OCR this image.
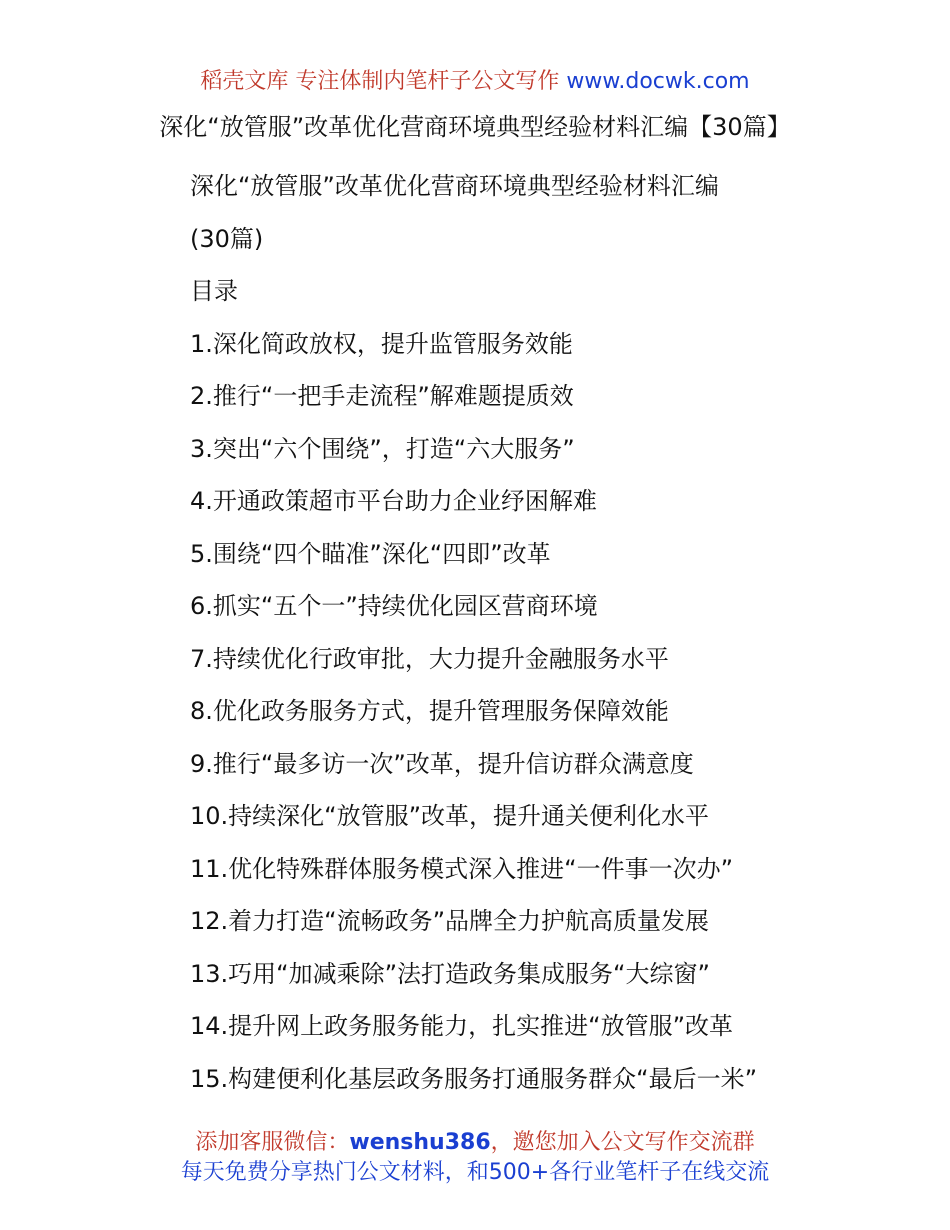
稻壳文库 专注体制内笔杆子公文写作 www.docwk.com
深化“放管服”改革优化营商环境典型经验材料汇编【30篇】
深化“放管服”改革优化营商环境典型经验材料汇编
(30篇)
目录
1.深化简政放权，提升监管服务效能
2.推行“一把手走流程”解难题提质效
3.突出“六个围绕”，打造“六大服务”
4.开通政策超市平台助力企业纾困解难
5.围绕“四个瞄准”深化“四即”改革
6.抓实“五个一”持续优化园区营商环境
7.持续优化行政审批，大力提升金融服务水平
8.优化政务服务方式，提升管理服务保障效能
9.推行“最多访一次”改革，提升信访群众满意度
10.持续深化“放管服”改革，提升通关便利化水平
11.优化特殊群体服务模式深入推进“一件事一次办”
12.着力打造“流畅政务”品牌全力护航高质量发展
13.巧用“加减乘除”法打造政务集成服务“大综窗”
14.提升网上政务服务能力，扎实推进“放管服”改革
15.构建便利化基层政务服务打通服务群众“最后一米”
添加客服微信：wenshu386，邀您加入公文写作交流群
每天免费分享热门公文材料，和500+各行业笔杆子在线交流
